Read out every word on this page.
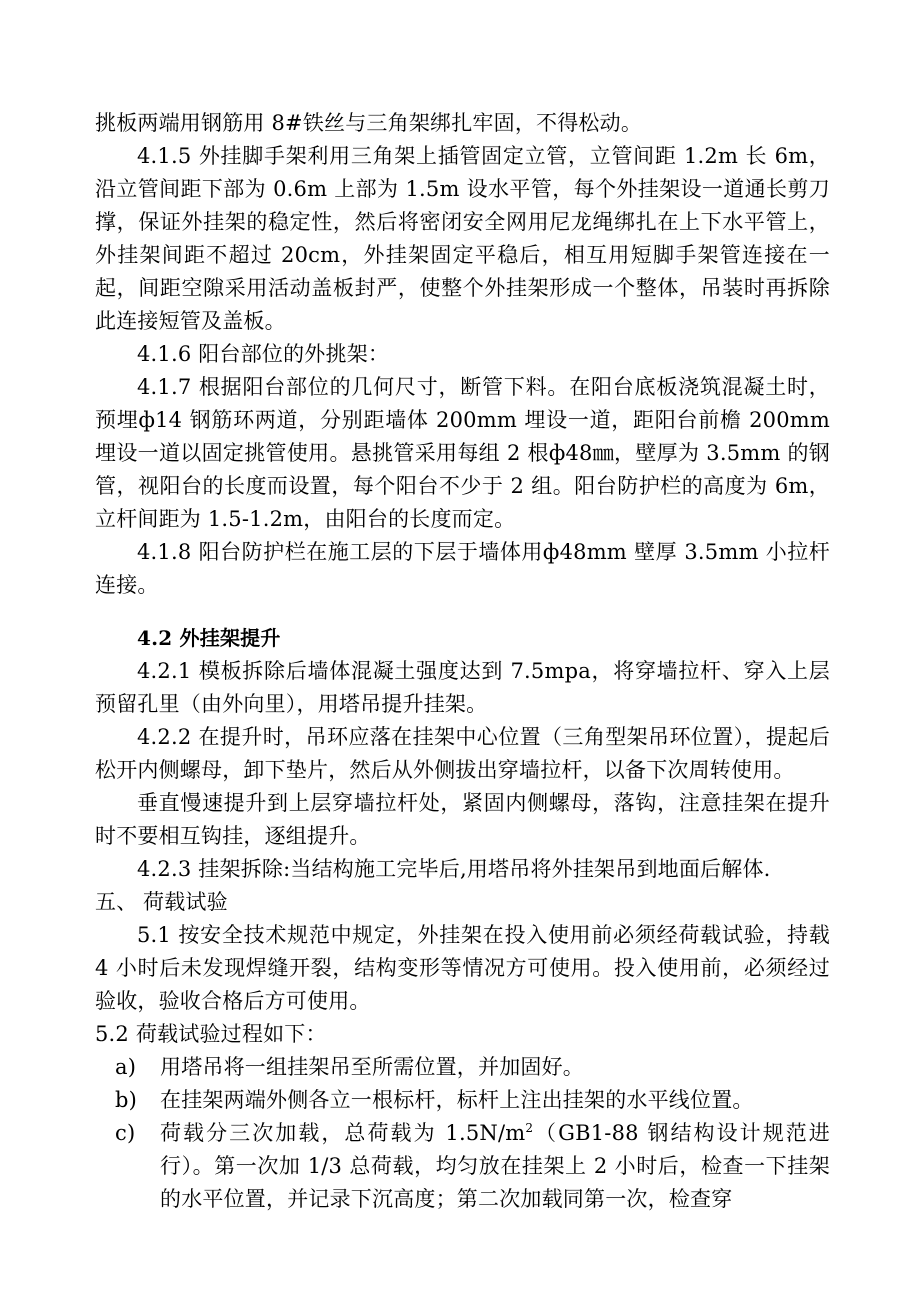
挑板两端用钢筋用 8#铁丝与三角架绑扎牢固，不得松动。

4.1.5 外挂脚手架利用三角架上插管固定立管，立管间距 1.2m 长 6m，沿立管间距下部为 0.6m 上部为 1.5m 设水平管，每个外挂架设一道通长剪刀撑，保证外挂架的稳定性，然后将密闭安全网用尼龙绳绑扎在上下水平管上，外挂架间距不超过 20cm，外挂架固定平稳后，相互用短脚手架管连接在一起，间距空隙采用活动盖板封严，使整个外挂架形成一个整体，吊装时再拆除此连接短管及盖板。

4.1.6 阳台部位的外挑架：

4.1.7 根据阳台部位的几何尺寸，断管下料。在阳台底板浇筑混凝土时，预埋ф14 钢筋环两道，分别距墙体 200mm 埋设一道，距阳台前檐 200mm 埋设一道以固定挑管使用。悬挑管采用每组 2 根ф48㎜，壁厚为 3.5mm 的钢管，视阳台的长度而设置，每个阳台不少于 2 组。阳台防护栏的高度为 6m，立杆间距为 1.5-1.2m，由阳台的长度而定。

4.1.8 阳台防护栏在施工层的下层于墙体用ф48mm 壁厚 3.5mm 小拉杆连接。

4.2 外挂架提升

4.2.1 模板拆除后墙体混凝土强度达到 7.5mpa，将穿墙拉杆、穿入上层预留孔里（由外向里），用塔吊提升挂架。

4.2.2 在提升时，吊环应落在挂架中心位置（三角型架吊环位置），提起后松开内侧螺母，卸下垫片，然后从外侧拔出穿墙拉杆，以备下次周转使用。

垂直慢速提升到上层穿墙拉杆处，紧固内侧螺母，落钩，注意挂架在提升时不要相互钩挂，逐组提升。

4.2.3 挂架拆除:当结构施工完毕后,用塔吊将外挂架吊到地面后解体.

五、 荷载试验

5.1 按安全技术规范中规定，外挂架在投入使用前必须经荷载试验，持载 4 小时后未发现焊缝开裂，结构变形等情况方可使用。投入使用前，必须经过验收，验收合格后方可使用。

5.2 荷载试验过程如下：

a)	用塔吊将一组挂架吊至所需位置，并加固好。
b)	在挂架两端外侧各立一根标杆，标杆上注出挂架的水平线位置。
c)	荷载分三次加载，总荷载为 $1.5N/m^2(GB1-88$ 钢结构设计规范进行）。第一次加 1/3 总荷载，均匀放在挂架上 2 小时后，检查一下挂架的水平位置，并记录下沉高度；第二次加载同第一次，检查穿
